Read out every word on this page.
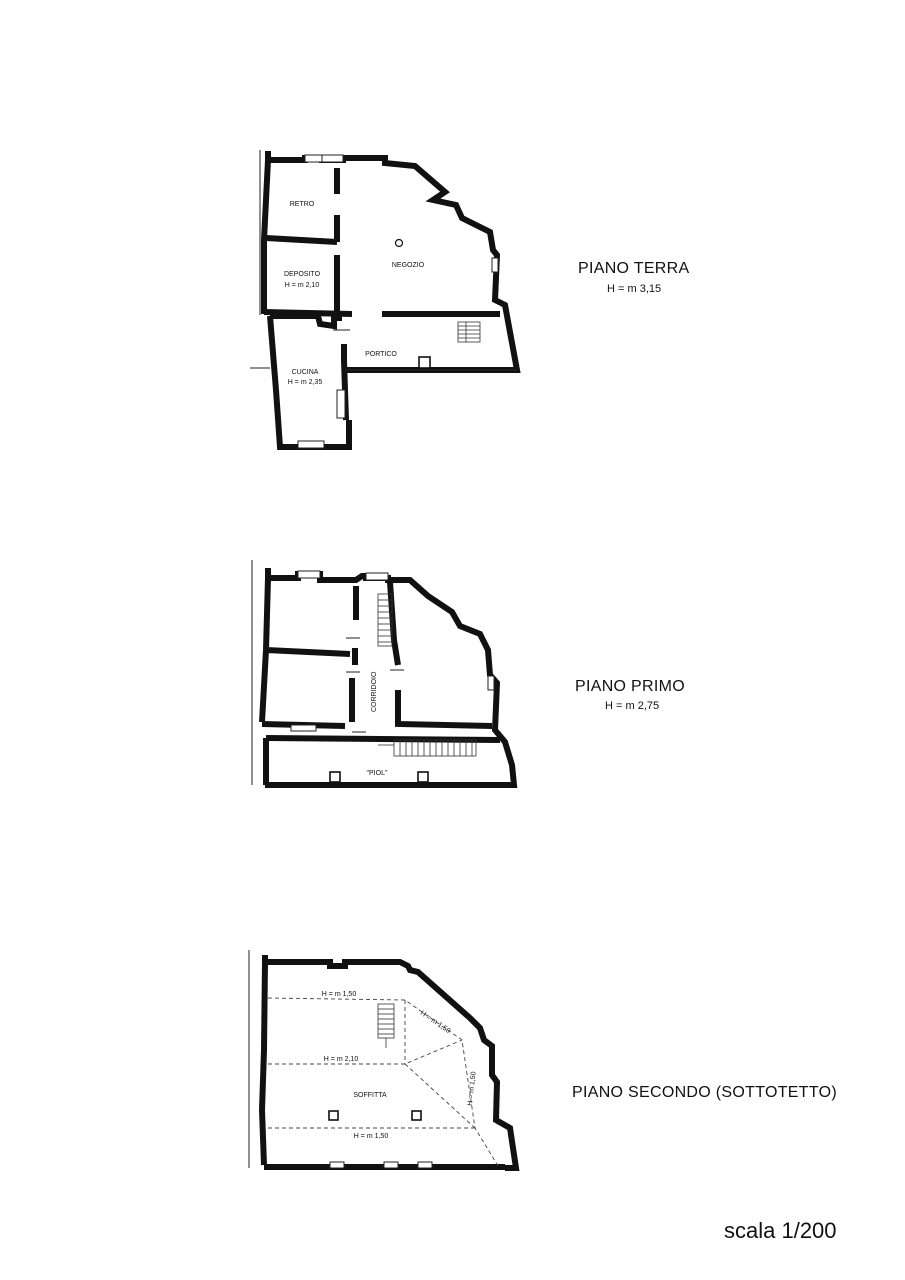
RETRO
NEGOZIO
DEPOSITO
H = m 2,10
PORTICO
CUCINA
H = m 2,35
CORRIDOIO
"PIOL"
H = m 1,50
H = m 1,50
H = m 2,10
H = m 1,50
SOFFITTA
H = m 1,50
PIANO TERRA
H = m 3,15
PIANO PRIMO
H = m 2,75
PIANO SECONDO (SOTTOTETTO)
scala 1/200
